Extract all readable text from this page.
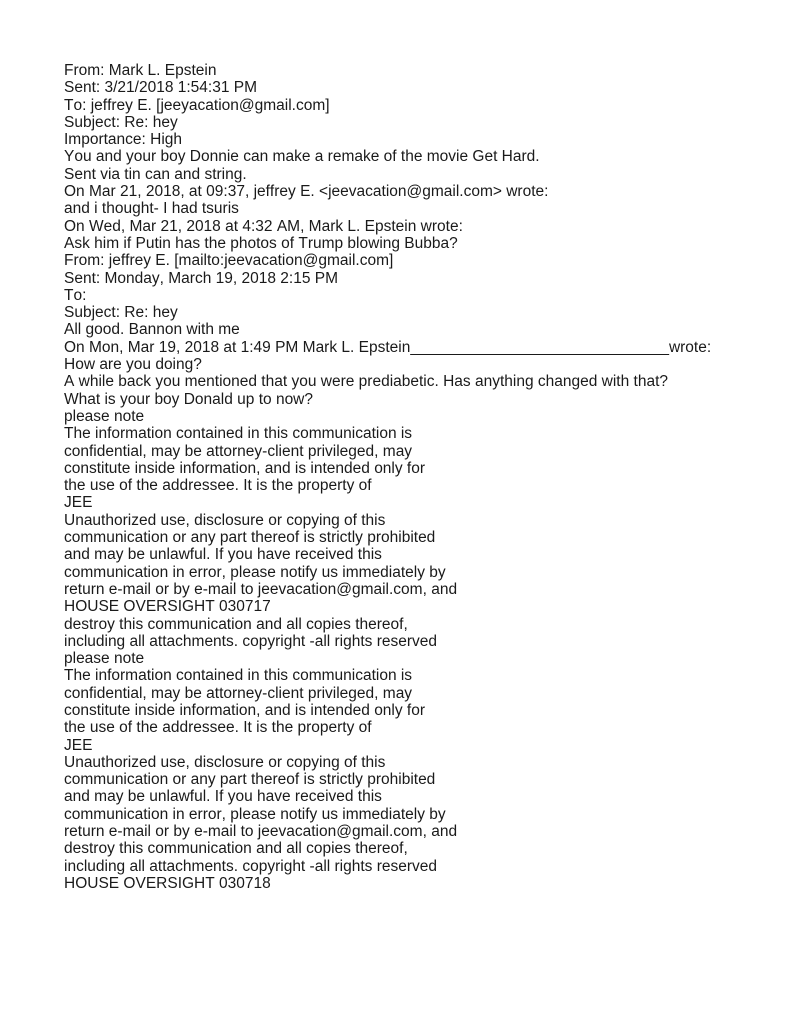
From: Mark L. Epstein
Sent: 3/21/2018 1:54:31 PM
To: jeffrey E. [jeeyacation@gmail.com]
Subject: Re: hey
Importance: High
You and your boy Donnie can make a remake of the movie Get Hard.
Sent via tin can and string.
On Mar 21, 2018, at 09:37, jeffrey E. <jeevacation@gmail.com> wrote:
and i thought- I had tsuris
On Wed, Mar 21, 2018 at 4:32 AM, Mark L. Epstein wrote:
Ask him if Putin has the photos of Trump blowing Bubba?
From: jeffrey E. [mailto:jeevacation@gmail.com]
Sent: Monday, March 19, 2018 2:15 PM
To:
Subject: Re: hey
All good. Bannon with me
On Mon, Mar 19, 2018 at 1:49 PM Mark L. Epstein______________________________wrote:
How are you doing?
A while back you mentioned that you were prediabetic. Has anything changed with that?
What is your boy Donald up to now?
please note
The information contained in this communication is
confidential, may be attorney-client privileged, may
constitute inside information, and is intended only for
the use of the addressee. It is the property of
JEE
Unauthorized use, disclosure or copying of this
communication or any part thereof is strictly prohibited
and may be unlawful. If you have received this
communication in error, please notify us immediately by
return e-mail or by e-mail to jeevacation@gmail.com, and
HOUSE OVERSIGHT 030717
destroy this communication and all copies thereof,
including all attachments. copyright -all rights reserved
please note
The information contained in this communication is
confidential, may be attorney-client privileged, may
constitute inside information, and is intended only for
the use of the addressee. It is the property of
JEE
Unauthorized use, disclosure or copying of this
communication or any part thereof is strictly prohibited
and may be unlawful. If you have received this
communication in error, please notify us immediately by
return e-mail or by e-mail to jeevacation@gmail.com, and
destroy this communication and all copies thereof,
including all attachments. copyright -all rights reserved
HOUSE OVERSIGHT 030718
